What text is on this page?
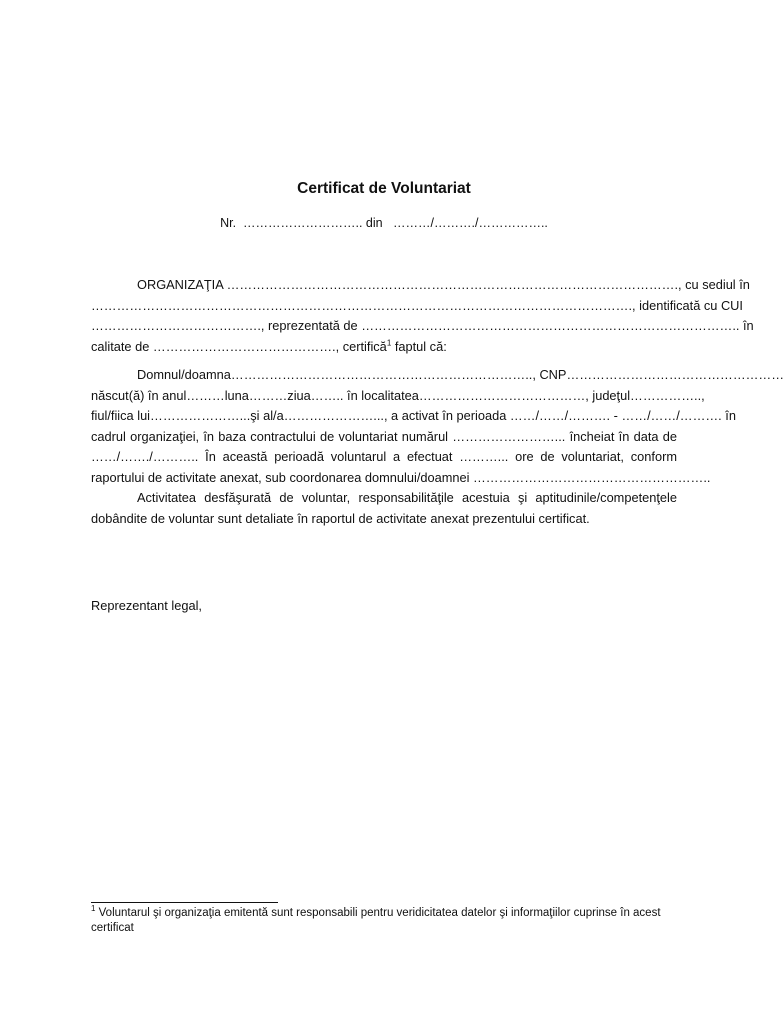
Certificat de Voluntariat
Nr.  ……………………….. din   ………/………./……………..
ORGANIZAŢIA ……………………………………………………………………………………………., cu sediul în
………………………………………………………………………………………………………………., identificată cu CUI
…………………………………., reprezentată de …………………………………………………………………………….. în
calitate de ……………………………………., certifică$^1$ faptul că:
Domnul/doamna…………………………………………………………….., CNP……………………………………………
născut(ă) în anul………luna………ziua…….. în localitatea…………………………………, judeţul……………..,
fiul/fiica lui…………………...şi al/a…………………..., a activat în perioada ……/……/………. - ……/……/………. în
cadrul organizaţiei, în baza contractului de voluntariat numărul ……………………... încheiat în data de
……/……./……….. În această perioadă voluntarul a efectuat ………... ore de voluntariat, conform
raportului de activitate anexat, sub coordonarea domnului/doamnei ………………………………………………..
Activitatea desfăşurată de voluntar, responsabilităţile acestuia şi aptitudinile/competenţele
dobândite de voluntar sunt detaliate în raportul de activitate anexat prezentului certificat.
Reprezentant legal,
$^1$ Voluntarul şi organizaţia emitentă sunt responsabili pentru veridicitatea datelor şi informaţiilor cuprinse în acest certificat
